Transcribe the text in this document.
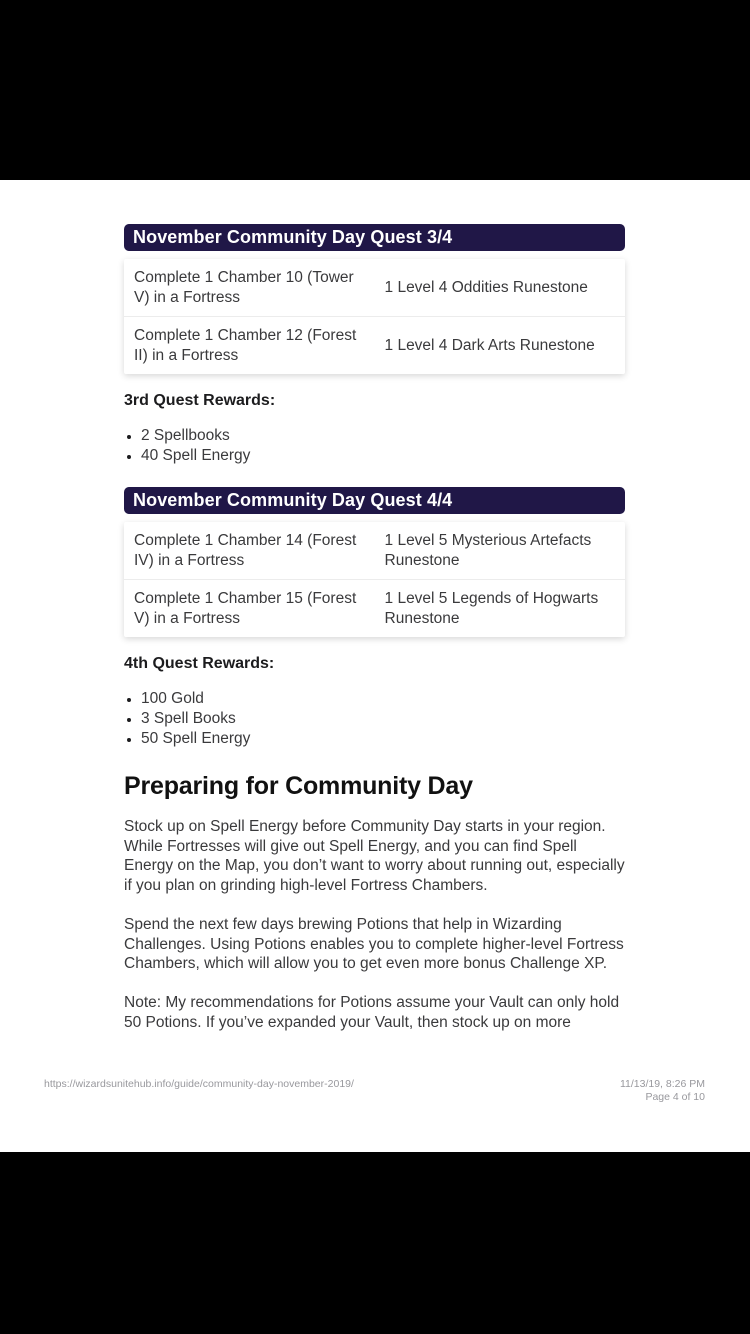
November Community Day Quest 3/4
Complete 1 Chamber 10 (Tower V) in a Fortress
1 Level 4 Oddities Runestone
Complete 1 Chamber 12 (Forest II) in a Fortress
1 Level 4 Dark Arts Runestone
3rd Quest Rewards:
• 2 Spellbooks
• 40 Spell Energy
November Community Day Quest 4/4
Complete 1 Chamber 14 (Forest IV) in a Fortress
1 Level 5 Mysterious Artefacts Runestone
Complete 1 Chamber 15 (Forest V) in a Fortress
1 Level 5 Legends of Hogwarts Runestone
4th Quest Rewards:
• 100 Gold
• 3 Spell Books
• 50 Spell Energy
Preparing for Community Day

Stock up on Spell Energy before Community Day starts in your region. While Fortresses will give out Spell Energy, and you can find Spell Energy on the Map, you don’t want to worry about running out, especially if you plan on grinding high-level Fortress Chambers.

Spend the next few days brewing Potions that help in Wizarding Challenges. Using Potions enables you to complete higher-level Fortress Chambers, which will allow you to get even more bonus Challenge XP.

Note: My recommendations for Potions assume your Vault can only hold 50 Potions. If you’ve expanded your Vault, then stock up on more

https://wizardsunitehub.info/guide/community-day-november-2019/	11/13/19, 8:26 PM
Page 4 of 10
